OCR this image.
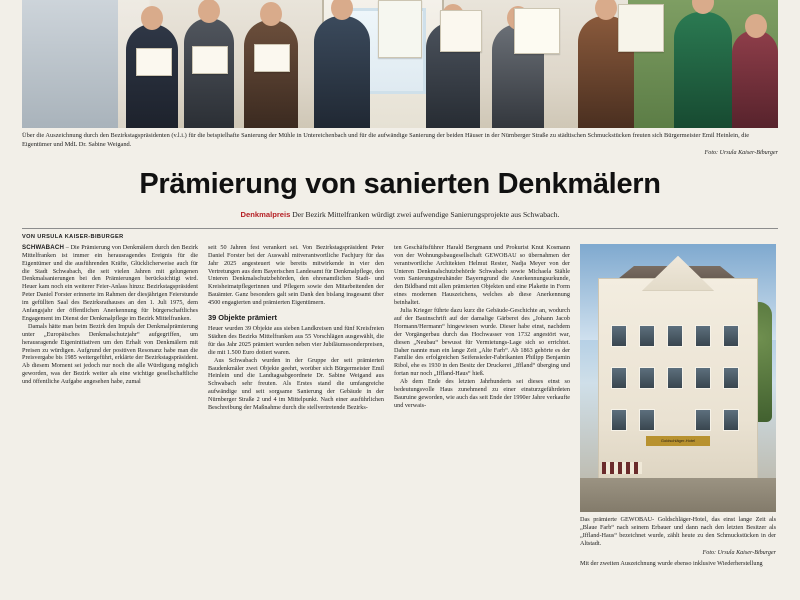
Über die Auszeichnung durch den Bezirkstagspräsidenten (v.l.i.) für die beispielhafte Sanierung der Mühle in Untereichenbach und für die aufwändige Sanierung der beiden Häuser in der Nürnberger Straße zu städtischen Schmuckstücken freuten sich Bürgermeister Emil Heinlein, die Eigentümer und MdL Dr. Sabine Weigand.
Foto: Ursula Kaiser-Biburger
Prämierung von sanierten Denkmälern
Denkmalpreis Der Bezirk Mittelfranken würdigt zwei aufwendige Sanierungsprojekte aus Schwabach.
VON URSULA KAISER-BIBURGER

SCHWABACH – Die Prämierung von Denkmälern durch den Bezirk Mittelfranken ist immer ein herausragendes Ereignis für die Eigentümer und die ausführenden Kräfte, Glücklicherweise auch für die Stadt Schwabach, die seit vielen Jahren mit gelungenen Denkmalsanierungen bei den Prämierungen berücksichtigt wird. Heuer kam noch ein weiterer Feier-Anlass hinzu: Bezirkstagspräsident Peter Daniel Forster erinnerte im Rahmen der diesjährigen Feierstunde im gefüllten Saal des Bezirksrathauses an den 1. Juli 1975, dem Anfangsjahr der öffentlichen Anerkennung für bürgerschaftliches Engagement im Dienst der Denkmalpflege im Bezirk Mittelfranken.

Damals hätte man beim Bezirk den Impuls der Denkmalprämierung unter „Europäisches Denkmalschutzjahr“ aufgegriffen, um herausragende Eigeninitiativen um den Erhalt von Denkmälern mit Preisen zu würdigen. Aufgrund der positiven Resonanz habe man die Preisvergabe bis 1985 weitergeführt, erklärte der Bezirkstagspräsident. Ab diesem Moment sei jedoch nur noch die alle Würdigung möglich geworden, was der Bezirk weiter als eine wichtige gesellschaftliche und öffentliche Aufgabe angesehen habe, zumal

seit 50 Jahren fest verankert sei. Von Bezirkstagspräsident Peter Daniel Forster bei der Auswahl mitverantwortliche Fachjury für das Jahr 2025 angesteuert wie bereits mitwirkende in vier den Vertretungen aus dem Bayerischen Landesamt für Denkmalpflege, den Unteren Denkmalschutzbehörden, den ehrenamtlichen Stadt- und Kreisheimatpflegerinnen und Pflegern sowie den Mitarbeitenden der Bauämter. Ganz besonders galt sein Dank den bislang insgesamt über 4500 engagierten und prämierten Eigentümern.

39 Objekte prämiert

Heuer wurden 39 Objekte aus sieben Landkreisen und fünf Kreisfreien Städten des Bezirks Mittelfranken aus 55 Vorschlägen ausgewählt, die für das Jahr 2025 prämiert wurden neben vier Jubiläumssonderpreisen, die mit 1.500 Euro dotiert waren.

Aus Schwabach wurden in der Gruppe der seit prämierten Baudenkmäler zwei Objekte geehrt, worüber sich Bürgermeister Emil Heinlein und die Landtagsabgeordnete Dr. Sabine Weigand aus Schwabach sehr freuten. Als Erstes stand die umfangreiche aufwändige und seit sorgsame Sanierung der Gebäude in der Nürnberger Straße 2 und 4 im Mittelpunkt. Nach einer ausführlichen Beschreibung der Maßnahme durch die stellvertretende Bezirks-

ten Geschäftsführer Harald Bergmann und Prokurist Knut Kosmann von der Wohnungsbaugesellschaft GEWOBAU so übernahmen der verantwortliche Architekten Helmut Rester, Nadja Meyer von der Unteren Denkmalschutzbehörde Schwabach sowie Michaela Stähle vom Sanierungstreuhänder Bayerngrund die Anerkennungsurkunde, den Bildband mit allen prämierten Objekten und eine Plakette in Form eines modernen Hauszeichens, welches ab diese Anerkennung beinhaltet.

Julia Krieger führte dazu kurz die Gebäude-Geschichte an, wodurch auf der Bauinschrift auf der damalige Gärberei des „Johann Jacob Hormann/Hermann“ hingewiesen wurde. Dieser habe einst, nachdem der Vorgängerbau durch das Hochwasser von 1732 angestört war, diesen „Neubau“ bewusst für Vermietungs-Lage sich so errichtet. Daher nannte man ein lange Zeit „Alte Farb“. Ab 1863 gehörte es der Familie des erfolgreichen Seifensieder-Fabrikanten Philipp Benjamin Ribol, ehe es 1930 in den Besitz der Druckerei „Iffland“ überging und fortan nur noch „Iffland-Haus“ hieß.

Ab dem Ende des letzten Jahrhunderts sei dieses einst so bedeutungsvolle Haus zunehmend zu einer einsturzgefährdeten Bauruine geworden, wie auch das seit Ende der 1990er Jahre verkaufte und verwais-

Goldschläger-Hotel
Das prämierte GEWOBAU- Goldschläger-Hotel, das einst lange Zeit als „Blaue Farb“ nach seinem Erbauer und dann nach den letzten Besitzer als „Iffland-Haus“ bezeichnet wurde, zählt heute zu den Schmuckstücken in der Altstadt.
Foto: Ursula Kaiser-Biburger

Mit der zweiten Auszeichnung wurde ebenso inklusive Wiederherstellung
